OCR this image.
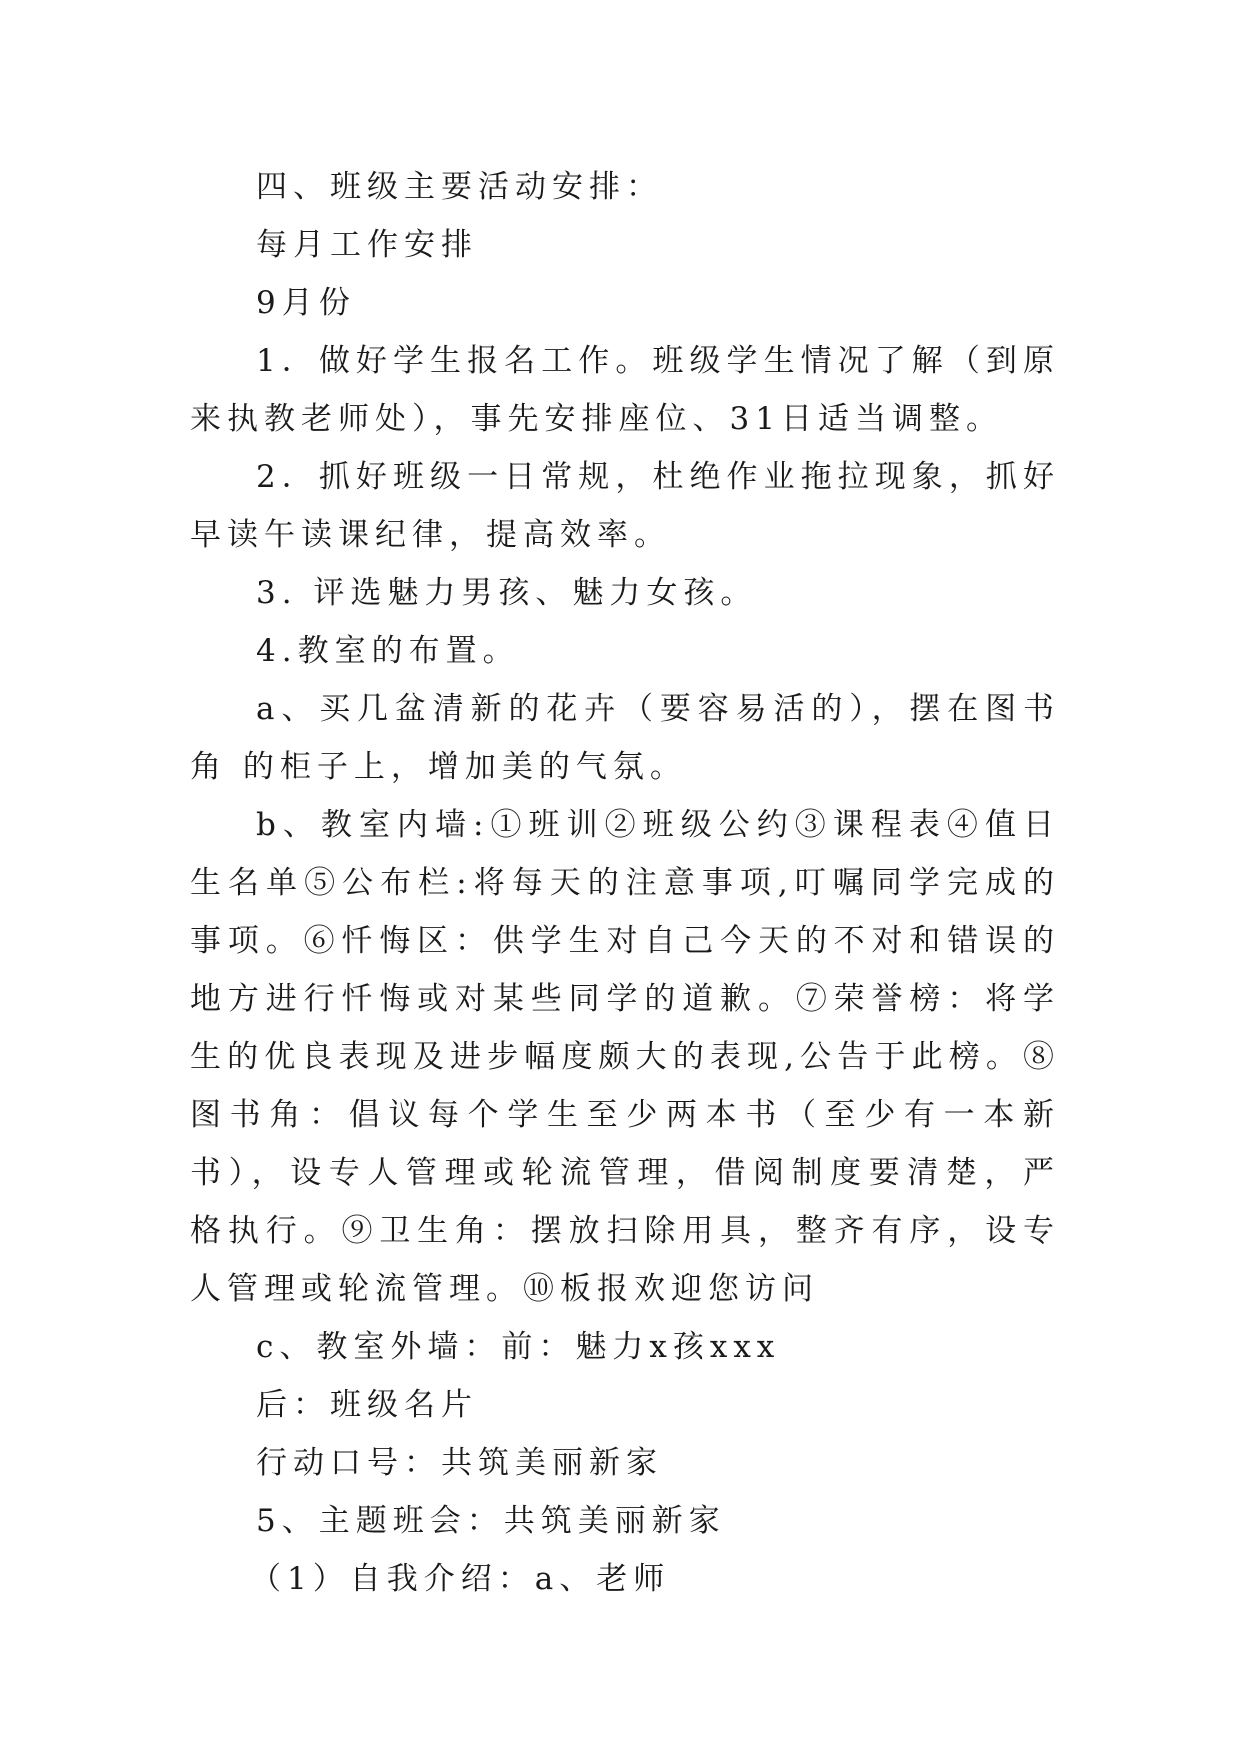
四、班级主要活动安排：

每月工作安排

9月份

1．做好学生报名工作。班级学生情况了解（到原来执教老师处），事先安排座位、31日适当调整。

2．抓好班级一日常规，杜绝作业拖拉现象，抓好早读午读课纪律，提高效率。

3. 评选魅力男孩、魅力女孩。

4.教室的布置。

a、买几盆清新的花卉（要容易活的），摆在图书角 的柜子上，增加美的气氛。

b、教室内墙:①班训②班级公约③课程表④值日生名单⑤公布栏:将每天的注意事项,叮嘱同学完成的事项。⑥忏悔区：供学生对自己今天的不对和错误的地方进行忏悔或对某些同学的道歉。⑦荣誉榜：将学生的优良表现及进步幅度颇大的表现,公告于此榜。⑧图书角：倡议每个学生至少两本书（至少有一本新书），设专人管理或轮流管理，借阅制度要清楚，严格执行。⑨卫生角：摆放扫除用具，整齐有序，设专人管理或轮流管理。⑩板报欢迎您访问

c、教室外墙：前：魅力x孩xxx

后：班级名片

行动口号：共筑美丽新家

5、主题班会：共筑美丽新家

（1）自我介绍：a、老师
